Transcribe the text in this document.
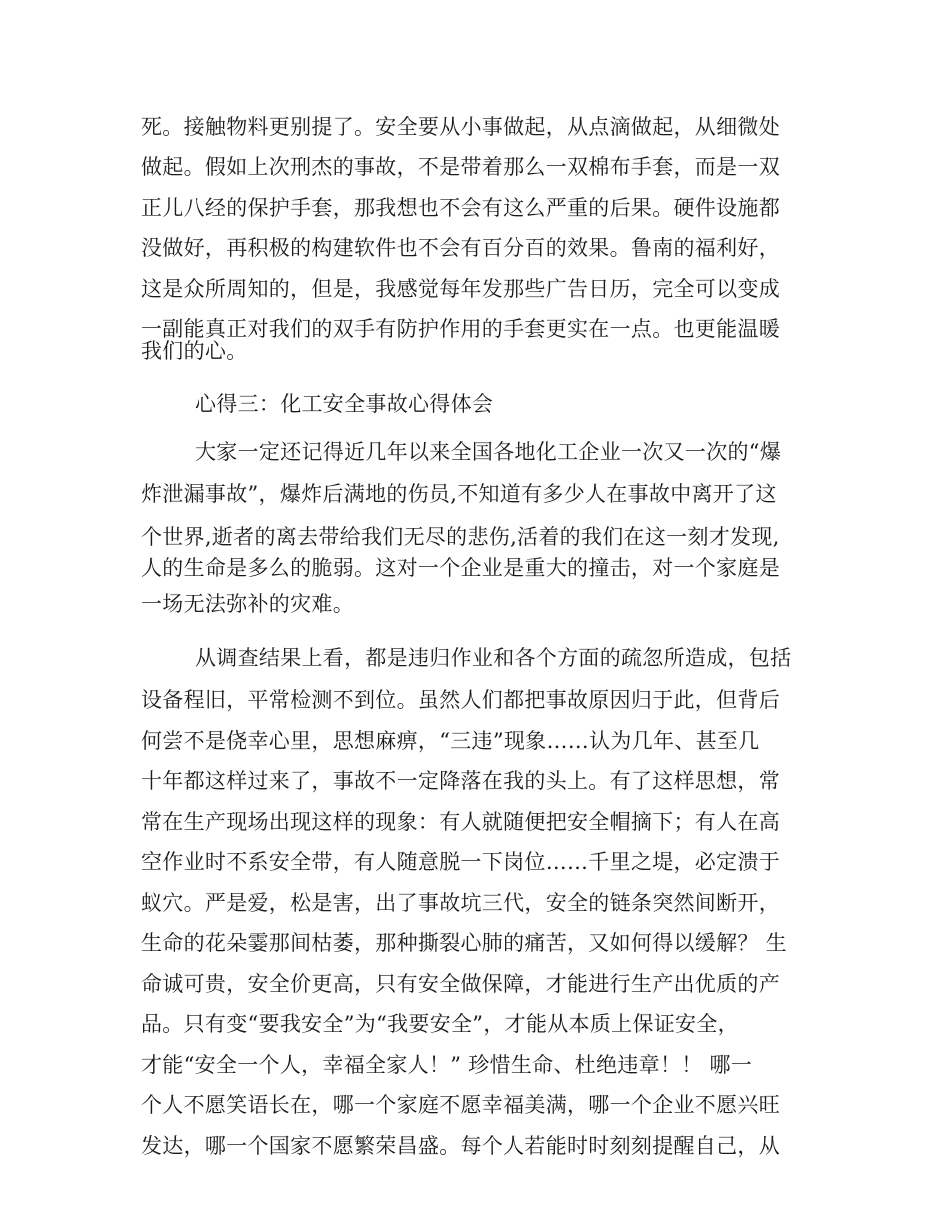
死。接触物料更别提了。安全要从小事做起，从点滴做起，从细微处
做起。假如上次刑杰的事故，不是带着那么一双棉布手套，而是一双
正儿八经的保护手套，那我想也不会有这么严重的后果。硬件设施都
没做好，再积极的构建软件也不会有百分百的效果。鲁南的福利好，
这是众所周知的，但是，我感觉每年发那些广告日历，完全可以变成
一副能真正对我们的双手有防护作用的手套更实在一点。也更能温暖
我们的心。
心得三：化工安全事故心得体会
大家一定还记得近几年以来全国各地化工企业一次又一次的“爆
炸泄漏事故”，爆炸后满地的伤员,不知道有多少人在事故中离开了这
个世界,逝者的离去带给我们无尽的悲伤,活着的我们在这一刻才发现,
人的生命是多么的脆弱。这对一个企业是重大的撞击，对一个家庭是
一场无法弥补的灾难。
从调查结果上看，都是违归作业和各个方面的疏忽所造成，包括
设备程旧，平常检测不到位。虽然人们都把事故原因归于此，但背后
何尝不是侥幸心里，思想麻痹，“三违”现象……认为几年、甚至几
十年都这样过来了，事故不一定降落在我的头上。有了这样思想，常
常在生产现场出现这样的现象：有人就随便把安全帽摘下；有人在高
空作业时不系安全带，有人随意脱一下岗位……千里之堤，必定溃于
蚁穴。严是爱，松是害，出了事故坑三代，安全的链条突然间断开，
生命的花朵霎那间枯萎，那种撕裂心肺的痛苦，又如何得以缓解？ 生
命诚可贵，安全价更高，只有安全做保障，才能进行生产出优质的产
品。只有变“要我安全”为“我要安全”，才能从本质上保证安全，
才能“安全一个人，幸福全家人！” 珍惜生命、杜绝违章！！ 哪一
个人不愿笑语长在，哪一个家庭不愿幸福美满，哪一个企业不愿兴旺
发达，哪一个国家不愿繁荣昌盛。每个人若能时时刻刻提醒自己，从
